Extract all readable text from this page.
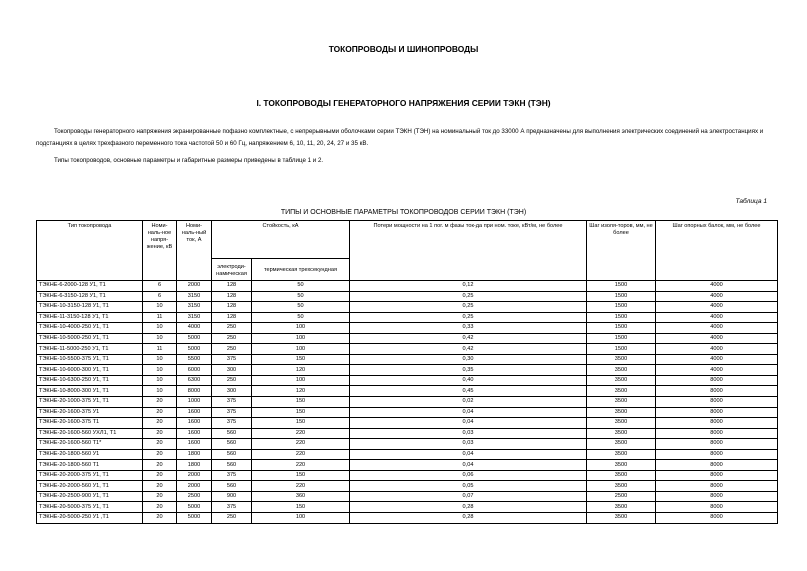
ТОКОПРОВОДЫ И ШИНОПРОВОДЫ
I. ТОКОПРОВОДЫ ГЕНЕРАТОРНОГО НАПРЯЖЕНИЯ СЕРИИ ТЭКН (ТЭН)
Токопроводы генераторного напряжения экранированные пофазно комплектные, с непрерывными оболочками серии ТЭКН (ТЭН) на номинальный ток до 33000 А предназначены для выполнения электрических соединений на электростанциях и подстанциях в целях трехфазного переменного тока частотой 50 и 60 Гц, напряжением 6, 10, 11, 20, 24, 27 и 35 кВ.
Типы токопроводов, основные параметры и габаритные размеры приведены в таблице 1 и 2.
Таблица 1
ТИПЫ И ОСНОВНЫЕ ПАРАМЕТРЫ ТОКОПРОВОДОВ СЕРИИ ТЭКН (ТЭН)
Тип токопровода	Номи-наль-ное напря-жение, кВ	Номи-наль-ный ток, А	Стойкость, кА		Потери мощности на 1 пог. м фазы ток-да при ном. токе, кВт/м, не более	Шаг изоля-торов, мм, не более	Шаг опорных балок, мм, не более
			электроди-намическая	термическая трехсекундная			
ТЭКНЕ-6-2000-128 У1, Т1	6	2000	128	50	0,12	1500	4000
ТЭКНЕ-6-3150-128 У1, Т1	6	3150	128	50	0,25	1500	4000
ТЭКНЕ-10-3150-128 У1, Т1	10	3150	128	50	0,25	1500	4000
ТЭКНЕ-11-3150-128 У1, Т1	11	3150	128	50	0,25	1500	4000
ТЭКНЕ-10-4000-250 У1, Т1	10	4000	250	100	0,33	1500	4000
ТЭКНЕ-10-5000-250 У1, Т1	10	5000	250	100	0,42	1500	4000
ТЭКНЕ-11-5000-250 У1, Т1	11	5000	250	100	0,42	1500	4000
ТЭКНЕ-10-5500-375 У1, Т1	10	5500	375	150	0,30	3500	4000
ТЭКНЕ-10-6000-300 У1, Т1	10	6000	300	120	0,35	3500	4000
ТЭКНЕ-10-6300-250 У1, Т1	10	6300	250	100	0,40	3500	8000
ТЭКНЕ-10-8000-300 У1, Т1	10	8000	300	120	0,45	3500	8000
ТЭКНЕ-20-1000-375 У1, Т1	20	1000	375	150	0,02	3500	8000
ТЭКНЕ-20-1600-375 У1	20	1600	375	150	0,04	3500	8000
ТЭКНЕ-20-1600-375 Т1	20	1600	375	150	0,04	3500	8000
ТЭКНЕ-20-1600-560 УХЛ1, Т1	20	1600	560	220	0,03	3500	8000
ТЭКНЕ-20-1600-560 Т1*	20	1600	560	220	0,03	3500	8000
ТЭКНЕ-20-1800-560 У1	20	1800	560	220	0,04	3500	8000
ТЭКНЕ-20-1800-560 Т1	20	1800	560	220	0,04	3500	8000
ТЭКНЕ-20-2000-375 У1, Т1	20	2000	375	150	0,06	3500	8000
ТЭКНЕ-20-2000-560 У1, Т1	20	2000	560	220	0,05	3500	8000
ТЭКНЕ-20-2500-900 У1, Т1	20	2500	900	360	0,07	2500	8000
ТЭКНЕ-20-5000-375 У1, Т1	20	5000	375	150	0,28	3500	8000
ТЭКНЕ-20-5000-250 У1 ,Т1	20	5000	250	100	0,28	3500	8000
